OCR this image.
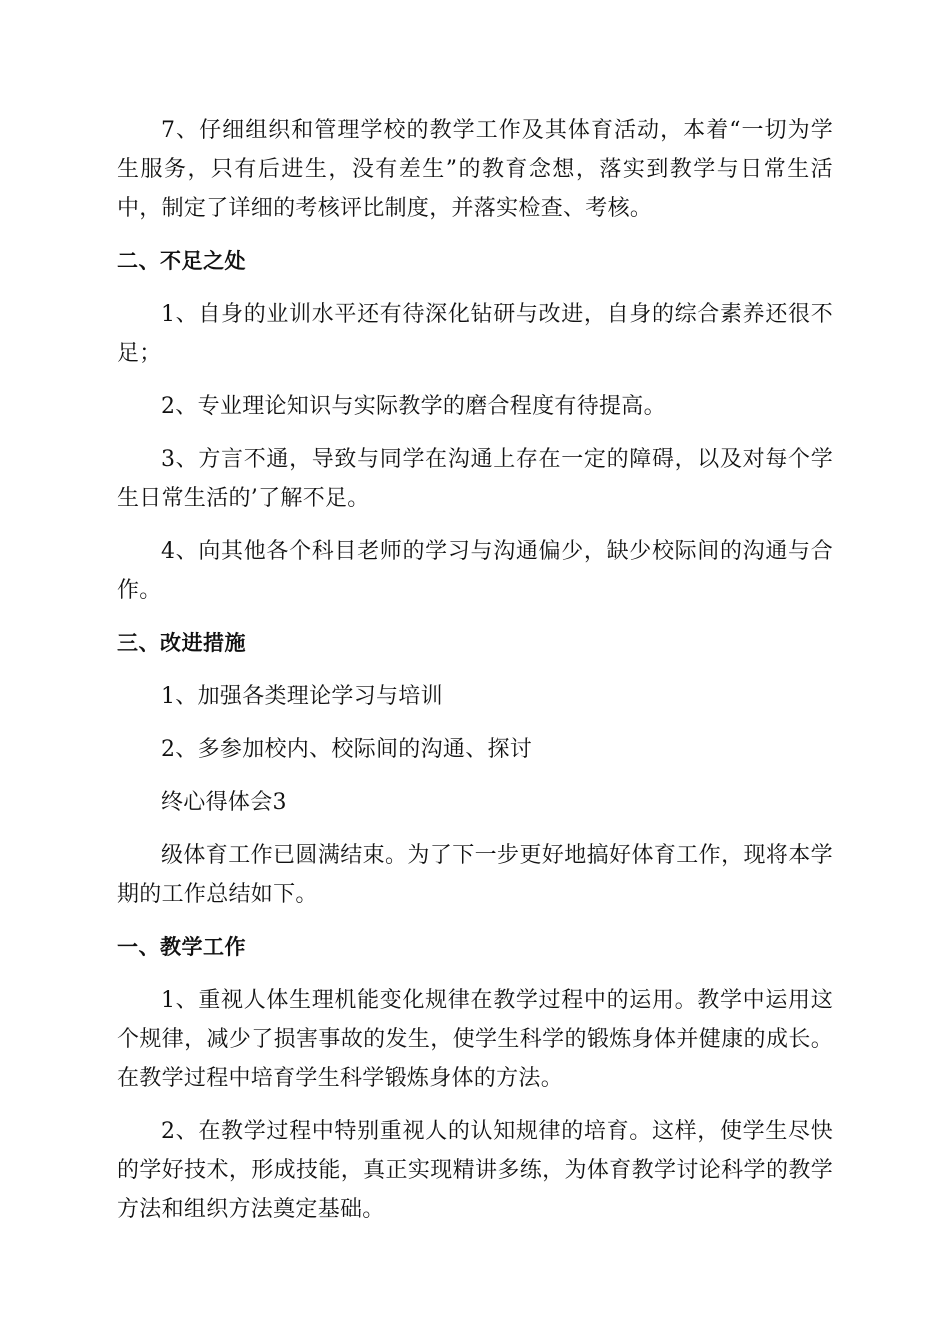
7、仔细组织和管理学校的教学工作及其体育活动，本着“一切为学生服务，只有后进生，没有差生”的教育念想，落实到教学与日常生活中，制定了详细的考核评比制度，并落实检查、考核。

二、不足之处

1、自身的业训水平还有待深化钻研与改进，自身的综合素养还很不足；

2、专业理论知识与实际教学的磨合程度有待提高。

3、方言不通，导致与同学在沟通上存在一定的障碍，以及对每个学生日常生活的’了解不足。

4、向其他各个科目老师的学习与沟通偏少，缺少校际间的沟通与合作。

三、改进措施

1、加强各类理论学习与培训

2、多参加校内、校际间的沟通、探讨

终心得体会3

级体育工作已圆满结束。为了下一步更好地搞好体育工作，现将本学期的工作总结如下。

一、教学工作

1、重视人体生理机能变化规律在教学过程中的运用。教学中运用这个规律，减少了损害事故的发生，使学生科学的锻炼身体并健康的成长。在教学过程中培育学生科学锻炼身体的方法。

2、在教学过程中特别重视人的认知规律的培育。这样，使学生尽快的学好技术，形成技能，真正实现精讲多练，为体育教学讨论科学的教学方法和组织方法奠定基础。
